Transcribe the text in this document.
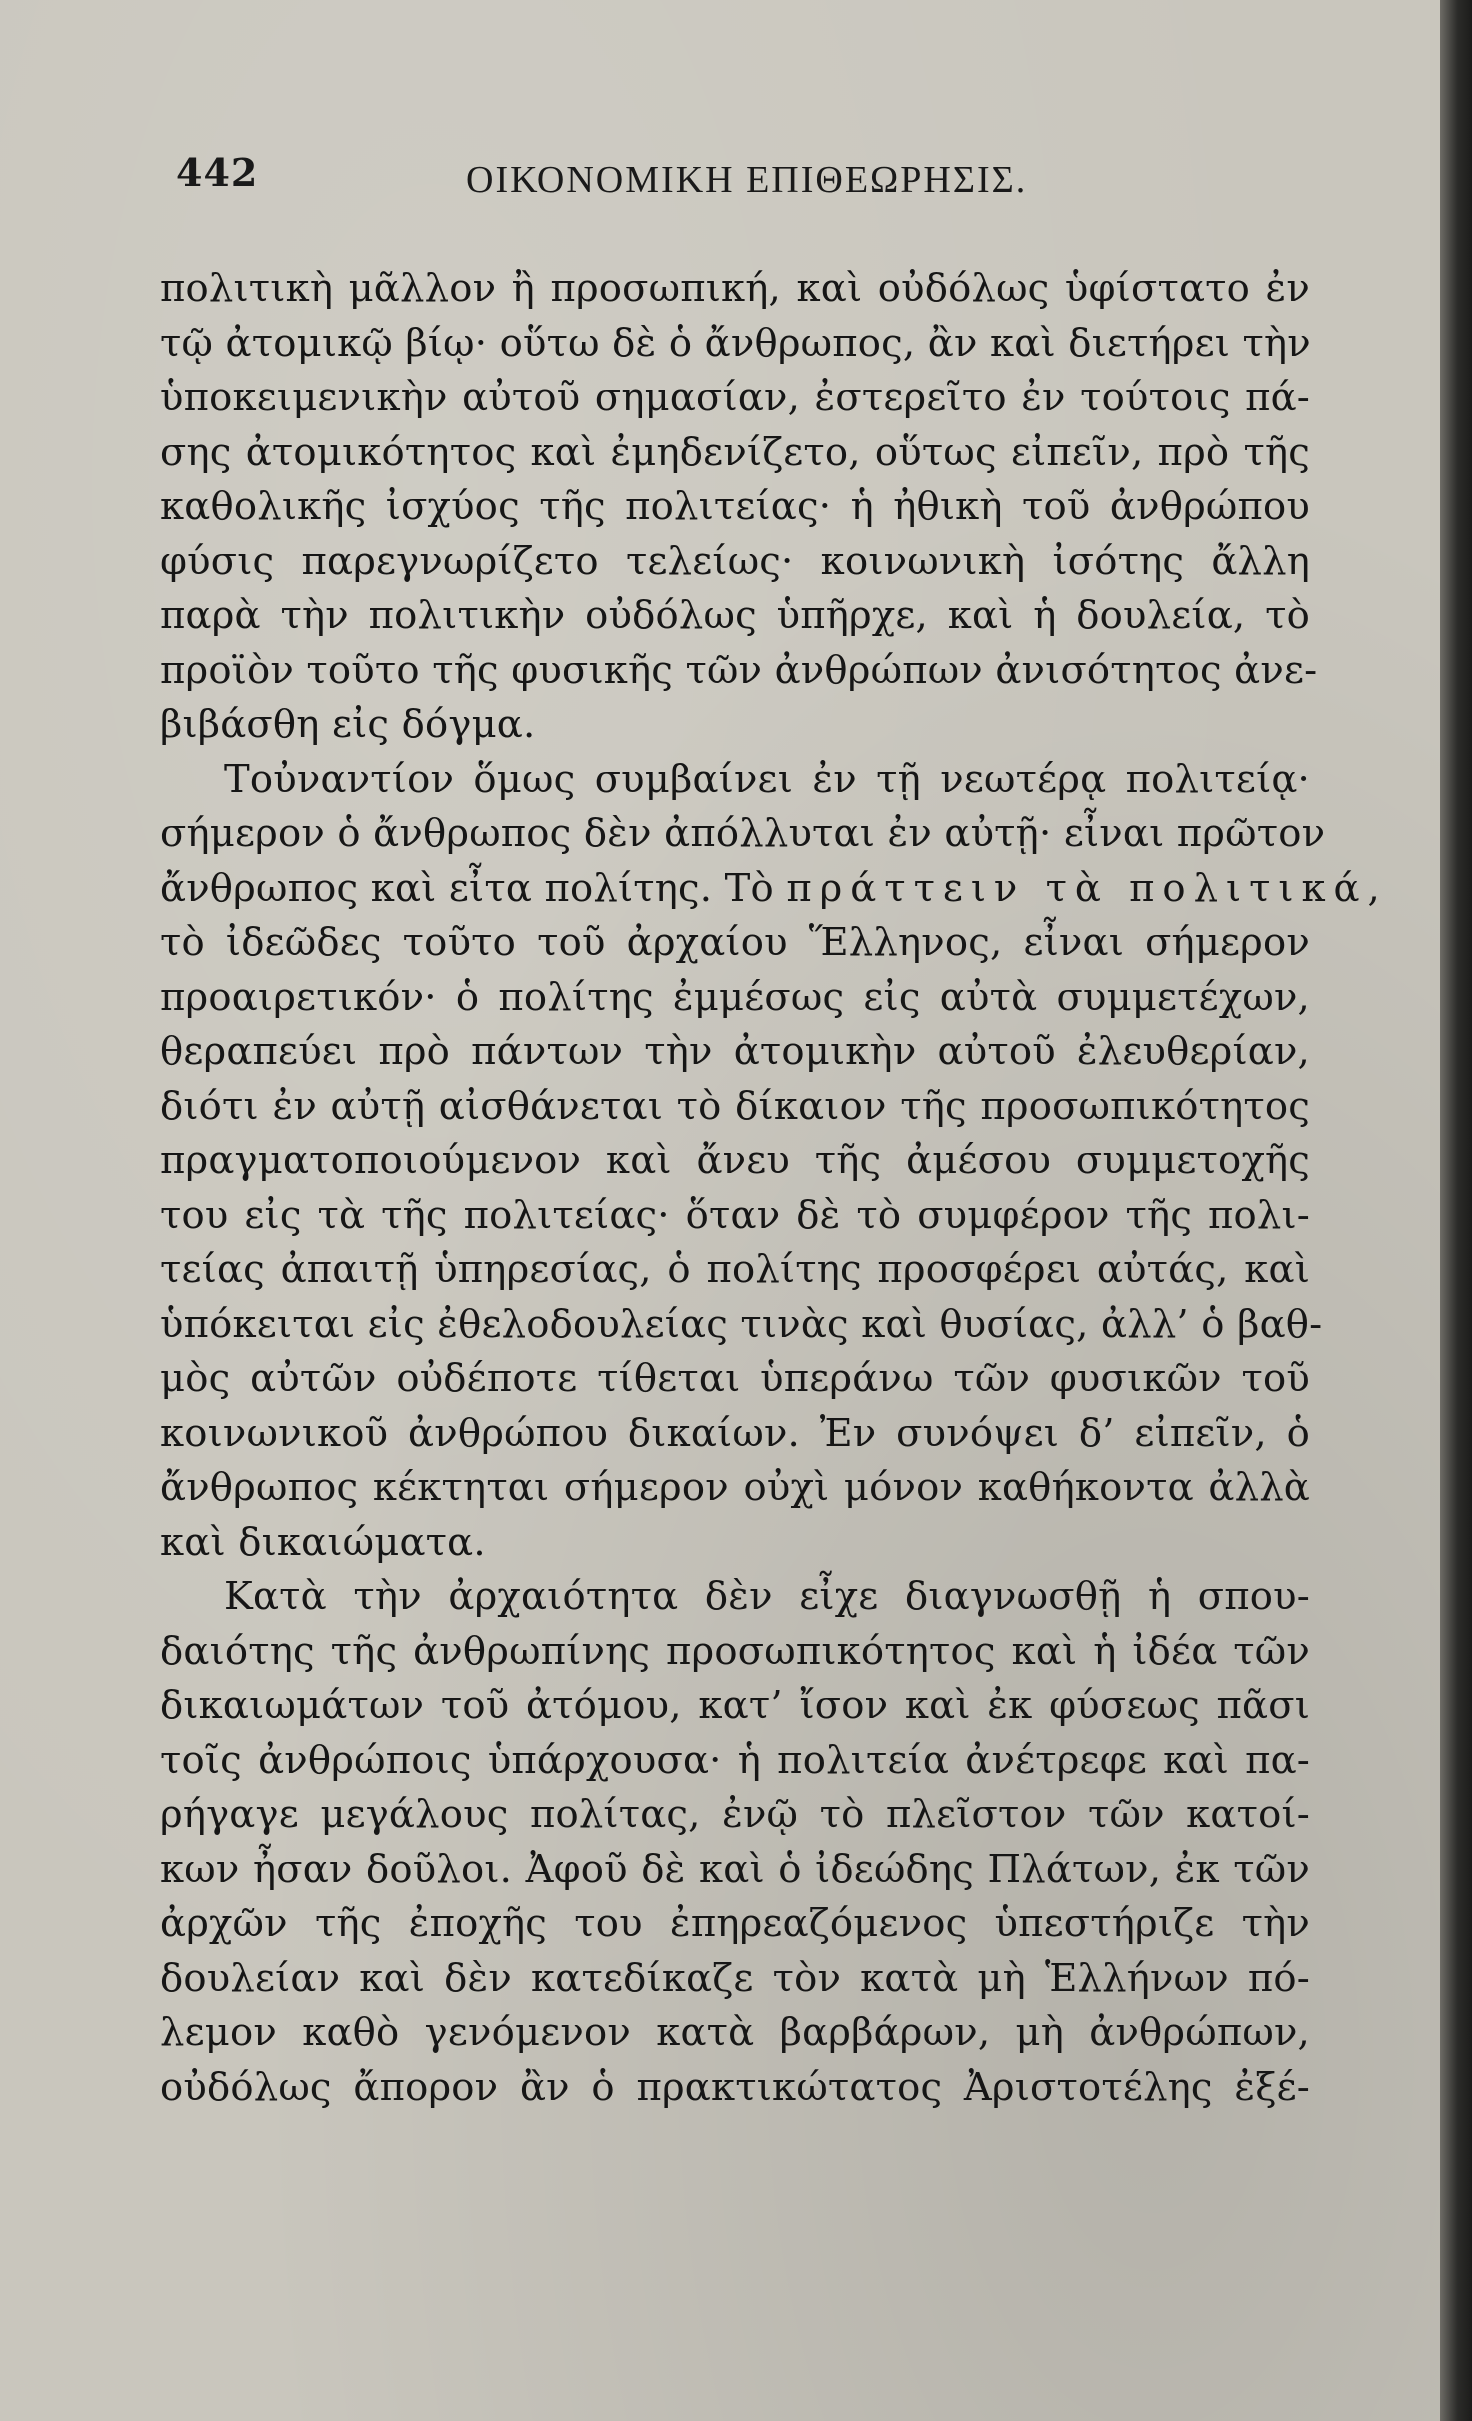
442	ΟΙΚΟΝΟΜΙΚΗ ΕΠΙΘΕΩΡΗΣΙΣ.
πολιτικὴ μᾶλλον ἢ προσωπική, καὶ οὐδόλως ὑφίστατο ἐν
τῷ ἀτομικῷ βίῳ· οὕτω δὲ ὁ ἄνθρωπος, ἂν καὶ διετήρει τὴν
ὑποκειμενικὴν αὐτοῦ σημασίαν, ἐστερεῖτο ἐν τούτοις πά-
σης ἀτομικότητος καὶ ἐμηδενίζετο, οὕτως εἰπεῖν, πρὸ τῆς
καθολικῆς ἰσχύος τῆς πολιτείας· ἡ ἠθικὴ τοῦ ἀνθρώπου
φύσις παρεγνωρίζετο τελείως· κοινωνικὴ ἰσότης ἄλλη
παρὰ τὴν πολιτικὴν οὐδόλως ὑπῆρχε, καὶ ἡ δουλεία, τὸ
προϊὸν τοῦτο τῆς φυσικῆς τῶν ἀνθρώπων ἀνισότητος ἀνε-
βιβάσθη εἰς δόγμα.
Τοὐναντίον ὅμως συμβαίνει ἐν τῇ νεωτέρᾳ πολιτείᾳ·
σήμερον ὁ ἄνθρωπος δὲν ἀπόλλυται ἐν αὐτῇ· εἶναι πρῶτον
ἄνθρωπος καὶ εἶτα πολίτης. Τὸ πράττειν τὰ πολιτικά,
τὸ ἰδεῶδες τοῦτο τοῦ ἀρχαίου Ἕλληνος, εἶναι σήμερον
προαιρετικόν· ὁ πολίτης ἐμμέσως εἰς αὐτὰ συμμετέχων,
θεραπεύει πρὸ πάντων τὴν ἀτομικὴν αὐτοῦ ἐλευθερίαν,
διότι ἐν αὐτῇ αἰσθάνεται τὸ δίκαιον τῆς προσωπικότητος
πραγματοποιούμενον καὶ ἄνευ τῆς ἀμέσου συμμετοχῆς
του εἰς τὰ τῆς πολιτείας· ὅταν δὲ τὸ συμφέρον τῆς πολι-
τείας ἀπαιτῇ ὑπηρεσίας, ὁ πολίτης προσφέρει αὐτάς, καὶ
ὑπόκειται εἰς ἐθελοδουλείας τινὰς καὶ θυσίας, ἀλλ’ ὁ βαθ-
μὸς αὐτῶν οὐδέποτε τίθεται ὑπεράνω τῶν φυσικῶν τοῦ
κοινωνικοῦ ἀνθρώπου δικαίων. Ἐν συνόψει δ’ εἰπεῖν, ὁ
ἄνθρωπος κέκτηται σήμερον οὐχὶ μόνον καθήκοντα ἀλλὰ
καὶ δικαιώματα.
Κατὰ τὴν ἀρχαιότητα δὲν εἶχε διαγνωσθῇ ἡ σπου-
δαιότης τῆς ἀνθρωπίνης προσωπικότητος καὶ ἡ ἰδέα τῶν
δικαιωμάτων τοῦ ἀτόμου, κατ’ ἴσον καὶ ἐκ φύσεως πᾶσι
τοῖς ἀνθρώποις ὑπάρχουσα· ἡ πολιτεία ἀνέτρεφε καὶ πα-
ρήγαγε μεγάλους πολίτας, ἐνῷ τὸ πλεῖστον τῶν κατοί-
κων ἦσαν δοῦλοι. Ἀφοῦ δὲ καὶ ὁ ἰδεώδης Πλάτων, ἐκ τῶν
ἀρχῶν τῆς ἐποχῆς του ἐπηρεαζόμενος ὑπεστήριζε τὴν
δουλείαν καὶ δὲν κατεδίκαζε τὸν κατὰ μὴ Ἑλλήνων πό-
λεμον καθὸ γενόμενον κατὰ βαρβάρων, μὴ ἀνθρώπων,
οὐδόλως ἄπορον ἂν ὁ πρακτικώτατος Ἀριστοτέλης ἐξέ-
